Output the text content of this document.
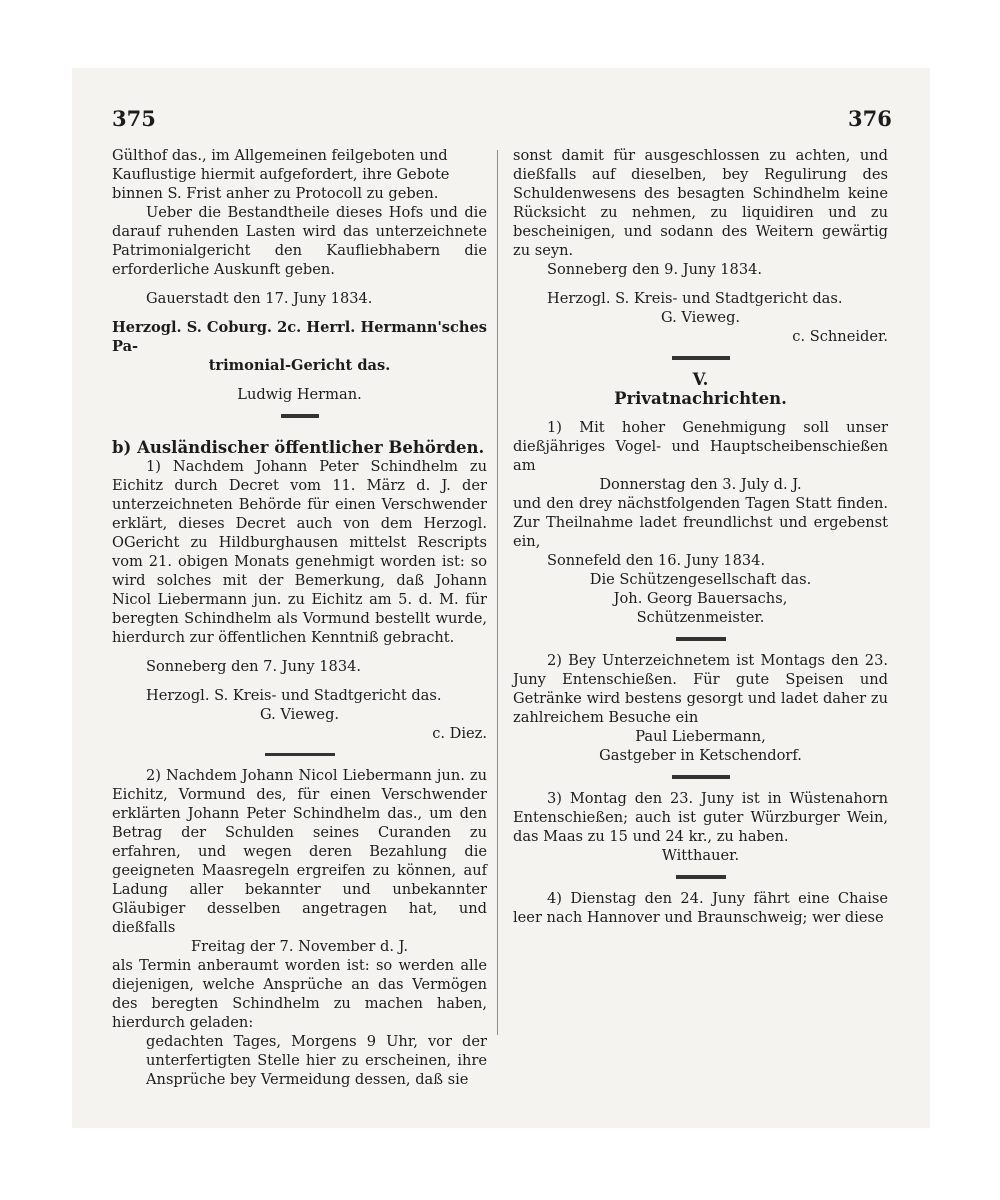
375	376

Gülthof das., im Allgemeinen feilgeboten und

Kauflustige hiermit aufgefordert, ihre Gebote

binnen S. Frist anher zu Protocoll zu geben.

Ueber die Bestandtheile dieses Hofs und die darauf ruhenden Lasten wird das unterzeichnete Patrimonialgericht den Kaufliebhabern die erforderliche Auskunft geben.

Gauerstadt den 17. Juny 1834.

Herzogl. S. Coburg. 2c. Herrl. Hermann'sches Pa-

trimonial-Gericht das.

Ludwig Herman.

b) Ausländischer öffentlicher Behörden.

1) Nachdem Johann Peter Schindhelm zu Eichitz durch Decret vom 11. März d. J. der unterzeichneten Behörde für einen Verschwender erklärt, dieses Decret auch von dem Herzogl. OGericht zu Hildburghausen mittelst Rescripts vom 21. obigen Monats genehmigt worden ist: so wird solches mit der Bemerkung, daß Johann Nicol Liebermann jun. zu Eichitz am 5. d. M. für beregten Schindhelm als Vormund bestellt wurde, hierdurch zur öffentlichen Kenntniß gebracht.

Sonneberg den 7. Juny 1834.

Herzogl. S. Kreis- und Stadtgericht das.

G. Vieweg.

c. Diez.

2) Nachdem Johann Nicol Liebermann jun. zu Eichitz, Vormund des, für einen Verschwender erklärten Johann Peter Schindhelm das., um den Betrag der Schulden seines Curanden zu erfahren, und wegen deren Bezahlung die geeigneten Maasregeln ergreifen zu können, auf Ladung aller bekannter und unbekannter Gläubiger desselben angetragen hat, und dießfalls

Freitag der 7. November d. J.

als Termin anberaumt worden ist: so werden alle diejenigen, welche Ansprüche an das Vermögen des beregten Schindhelm zu machen haben, hierdurch geladen:

gedachten Tages, Morgens 9 Uhr, vor der unterfertigten Stelle hier zu erscheinen, ihre Ansprüche bey Vermeidung dessen, daß sie

sonst damit für ausgeschlossen zu achten, und dießfalls auf dieselben, bey Regulirung des Schuldenwesens des besagten Schindhelm keine Rücksicht zu nehmen, zu liquidiren und zu bescheinigen, und sodann des Weitern gewärtig zu seyn.

Sonneberg den 9. Juny 1834.

Herzogl. S. Kreis- und Stadtgericht das.

G. Vieweg.

c. Schneider.

V.

Privatnachrichten.

1) Mit hoher Genehmigung soll unser dießjähriges Vogel- und Hauptscheibenschießen am

Donnerstag den 3. July d. J.

und den drey nächstfolgenden Tagen Statt finden. Zur Theilnahme ladet freundlichst und ergebenst ein,

Sonnefeld den 16. Juny 1834.

Die Schützengesellschaft das.

Joh. Georg Bauersachs,

Schützenmeister.

2) Bey Unterzeichnetem ist Montags den 23. Juny Entenschießen. Für gute Speisen und Getränke wird bestens gesorgt und ladet daher zu zahlreichem Besuche ein

Paul Liebermann,

Gastgeber in Ketschendorf.

3) Montag den 23. Juny ist in Wüstenahorn Entenschießen; auch ist guter Würzburger Wein, das Maas zu 15 und 24 kr., zu haben.

Witthauer.

4) Dienstag den 24. Juny fährt eine Chaise leer nach Hannover und Braunschweig; wer diese
